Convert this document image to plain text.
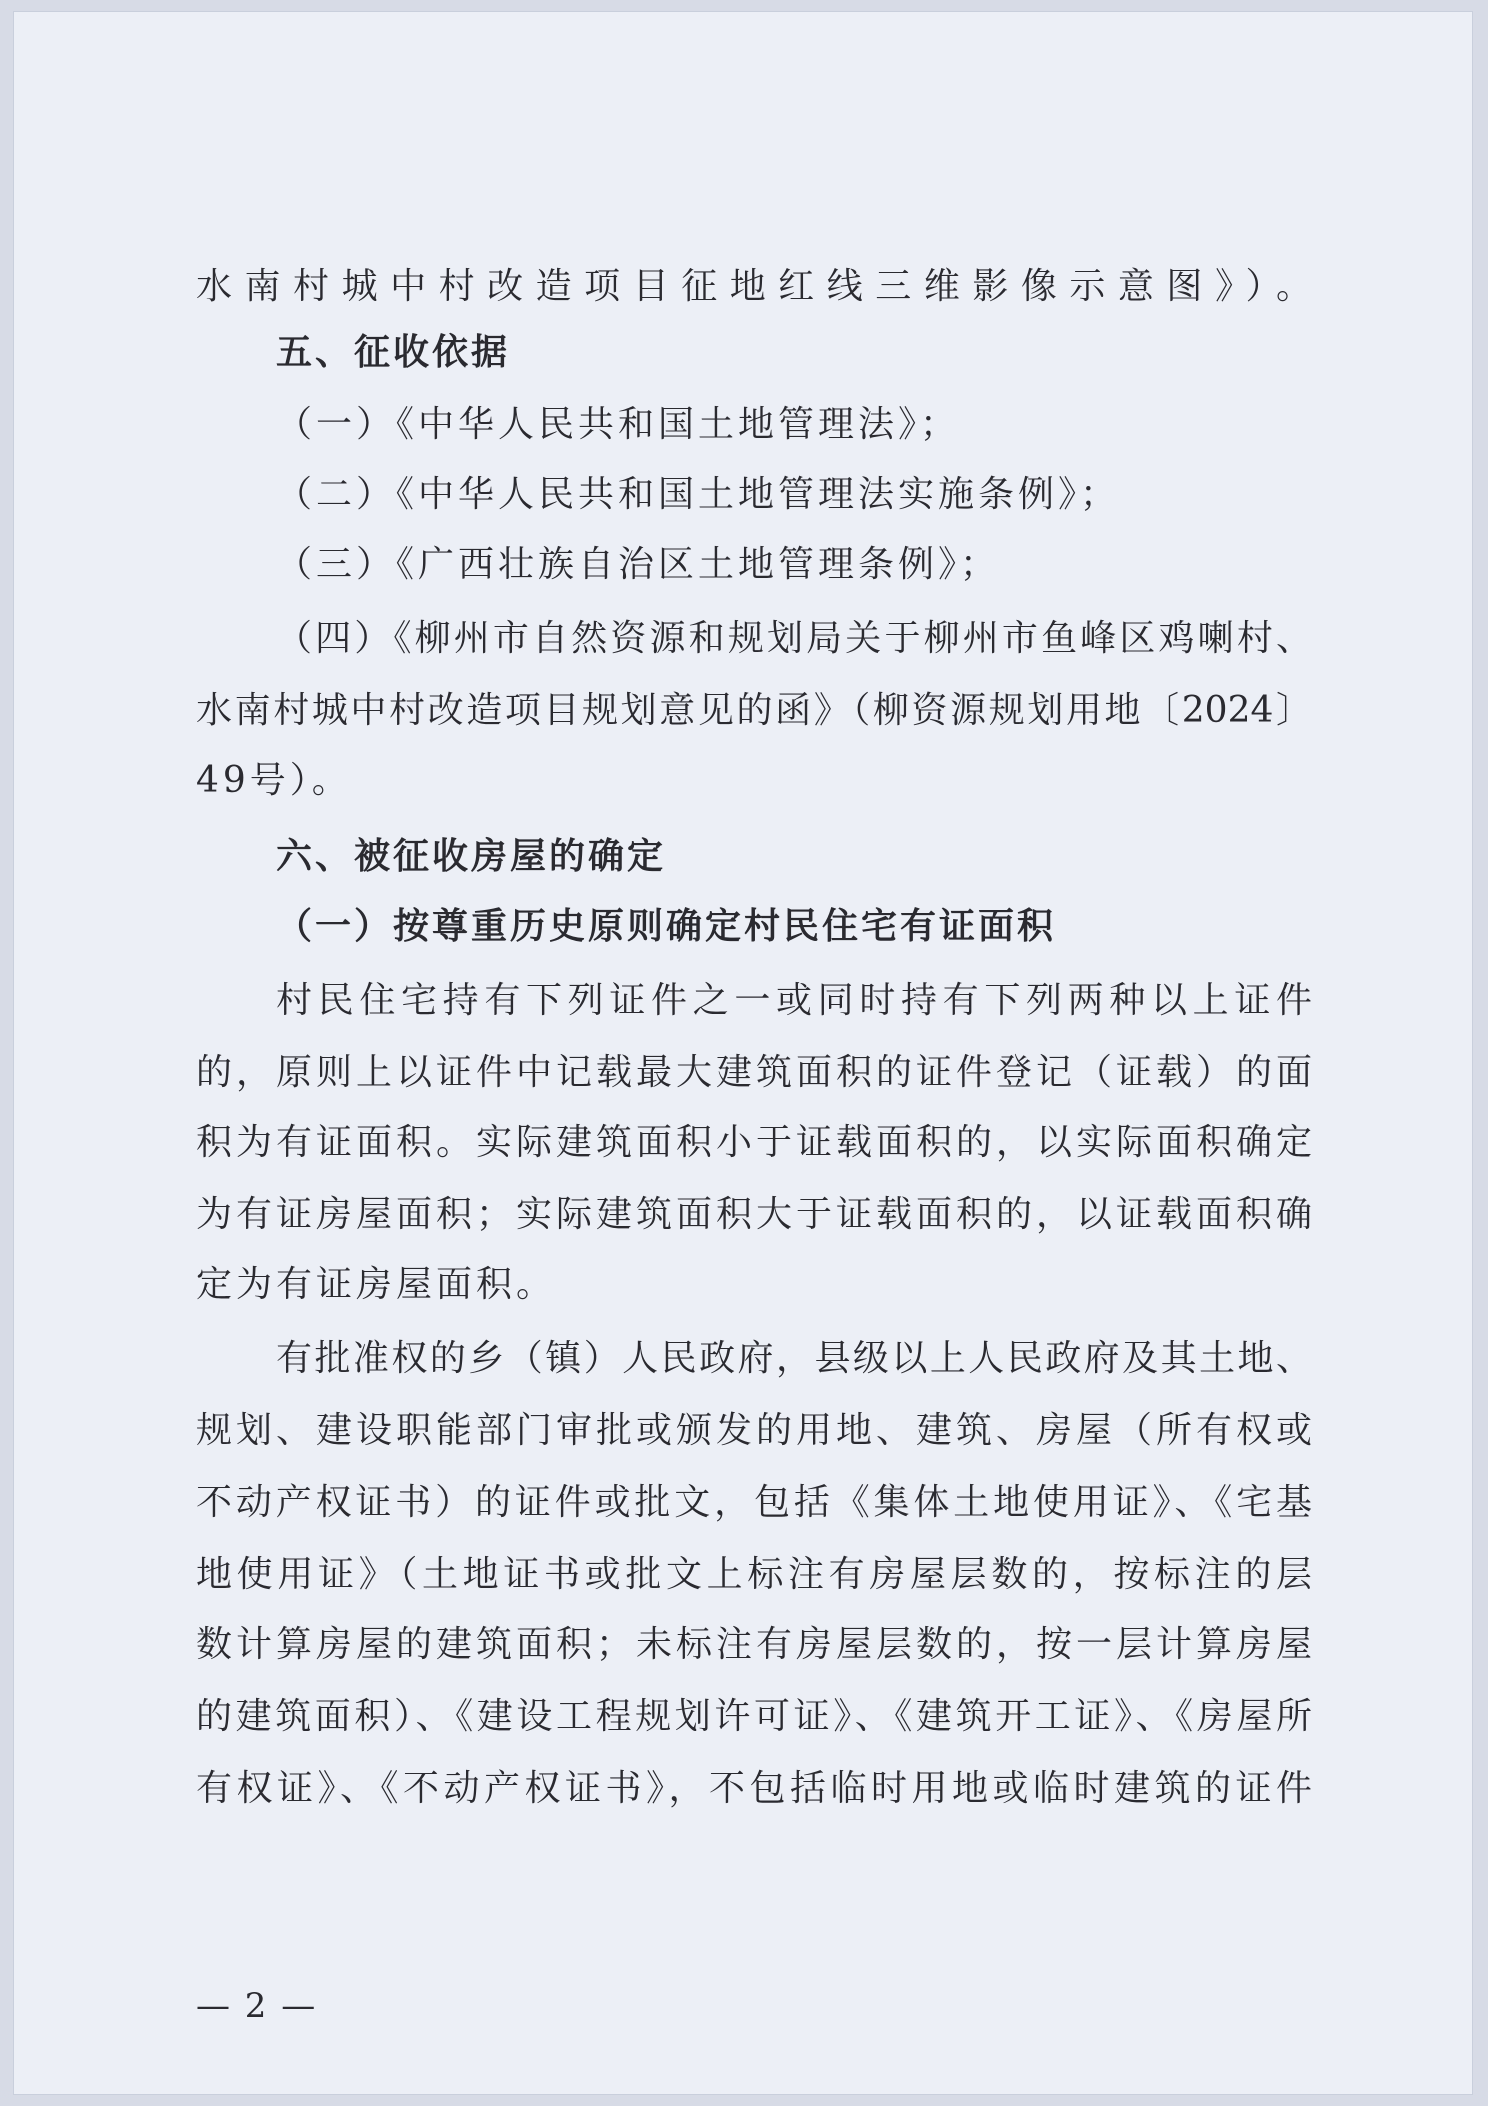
水南村城中村改造项目征地红线三维影像示意图》）。
五、征收依据
（一）《中华人民共和国土地管理法》；
（二）《中华人民共和国土地管理法实施条例》；
（三）《广西壮族自治区土地管理条例》；
（四）《柳州市自然资源和规划局关于柳州市鱼峰区鸡喇村、
水南村城中村改造项目规划意见的函》（柳资源规划用地〔2024〕
49号）。
六、被征收房屋的确定
（一）按尊重历史原则确定村民住宅有证面积
村民住宅持有下列证件之一或同时持有下列两种以上证件
的，原则上以证件中记载最大建筑面积的证件登记（证载）的面
积为有证面积。实际建筑面积小于证载面积的，以实际面积确定
为有证房屋面积；实际建筑面积大于证载面积的，以证载面积确
定为有证房屋面积。
有批准权的乡（镇）人民政府，县级以上人民政府及其土地、
规划、建设职能部门审批或颁发的用地、建筑、房屋（所有权或
不动产权证书）的证件或批文，包括《集体土地使用证》、《宅基
地使用证》（土地证书或批文上标注有房屋层数的，按标注的层
数计算房屋的建筑面积；未标注有房屋层数的，按一层计算房屋
的建筑面积）、《建设工程规划许可证》、《建筑开工证》、《房屋所
有权证》、《不动产权证书》，不包括临时用地或临时建筑的证件
— 2 —
